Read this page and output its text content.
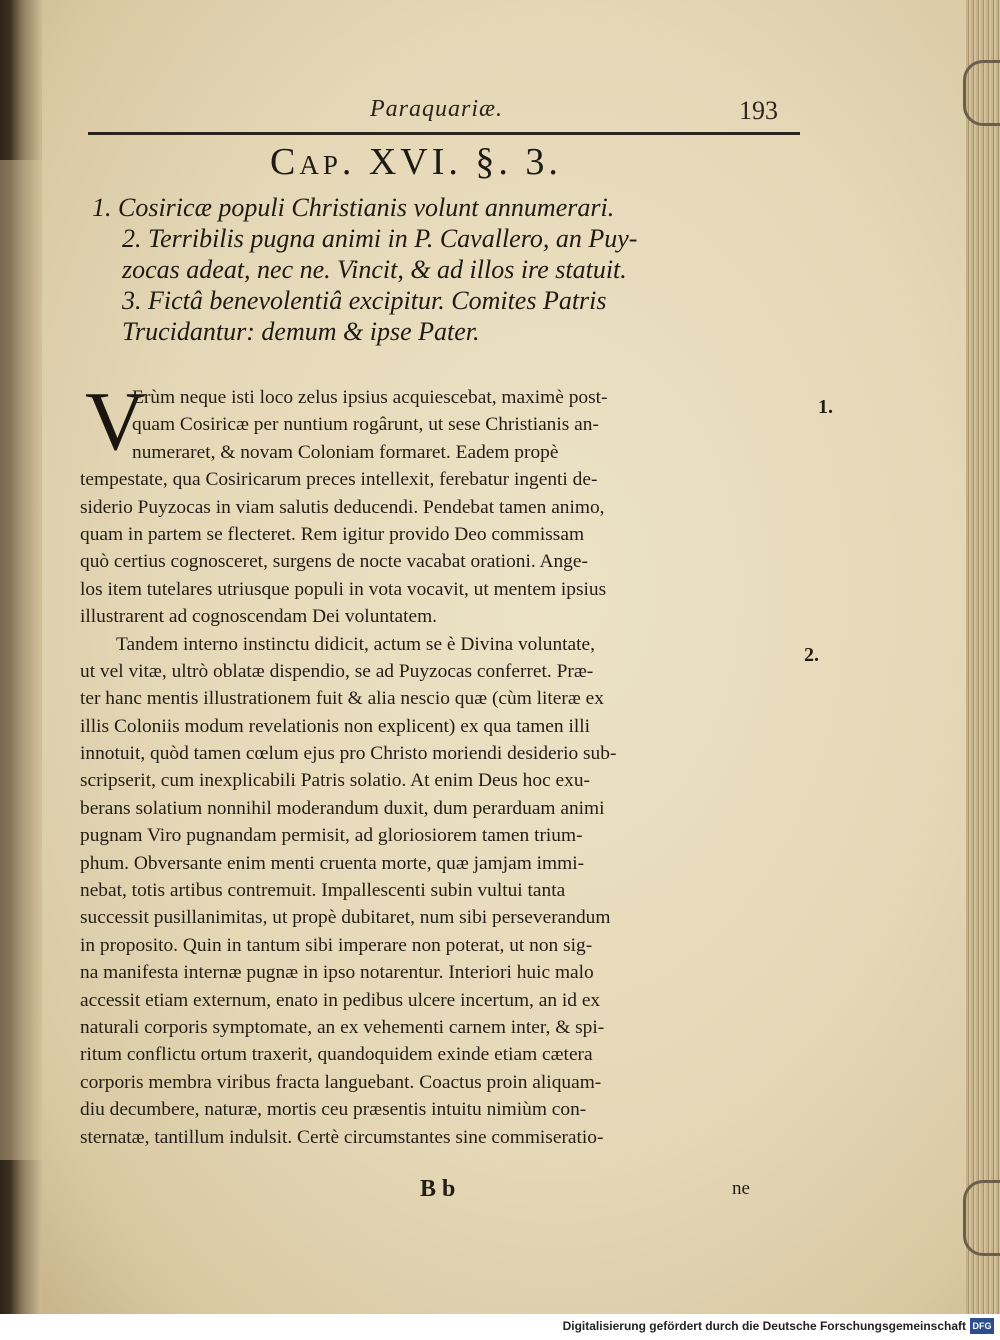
Paraquariæ.	193
Cap. XVI. §. 3.
1. Cosiricæ populi Christianis volunt annumerari.
2. Terribilis pugna animi in P. Cavallero, an Puy-
zocas adeat, nec ne. Vincit, & ad illos ire statuit.
3. Fictâ benevolentiâ excipitur. Comites Patris
Trucidantur: demum & ipse Pater.
V
Erùm neque isti loco zelus ipsius acquiescebat, maximè post-
quam Cosiricæ per nuntium rogârunt, ut sese Christianis an-
numeraret, & novam Coloniam formaret. Eadem propè
tempestate, qua Cosiricarum preces intellexit, ferebatur ingenti de-
siderio Puyzocas in viam salutis deducendi. Pendebat tamen animo,
quam in partem se flecteret. Rem igitur provido Deo commissam
quò certius cognosceret, surgens de nocte vacabat orationi. Ange-
los item tutelares utriusque populi in vota vocavit, ut mentem ipsius
illustrarent ad cognoscendam Dei voluntatem.
Tandem interno instinctu didicit, actum se è Divina voluntate,
ut vel vitæ, ultrò oblatæ dispendio, se ad Puyzocas conferret. Præ-
ter hanc mentis illustrationem fuit & alia nescio quæ (cùm literæ ex
illis Coloniis modum revelationis non explicent) ex qua tamen illi
innotuit, quòd tamen cœlum ejus pro Christo moriendi desiderio sub-
scripserit, cum inexplicabili Patris solatio. At enim Deus hoc exu-
berans solatium nonnihil moderandum duxit, dum perarduam animi
pugnam Viro pugnandam permisit, ad gloriosiorem tamen trium-
phum. Obversante enim menti cruenta morte, quæ jamjam immi-
nebat, totis artibus contremuit. Impallescenti subin vultui tanta
successit pusillanimitas, ut propè dubitaret, num sibi perseverandum
in proposito. Quin in tantum sibi imperare non poterat, ut non sig-
na manifesta internæ pugnæ in ipso notarentur. Interiori huic malo
accessit etiam externum, enato in pedibus ulcere incertum, an id ex
naturali corporis symptomate, an ex vehementi carnem inter, & spi-
ritum conflictu ortum traxerit, quandoquidem exinde etiam cætera
corporis membra viribus fracta languebant. Coactus proin aliquam-
diu decumbere, naturæ, mortis ceu præsentis intuitu nimiùm con-
sternatæ, tantillum indulsit. Certè circumstantes sine commiseratio-
1.
2.
B b	ne
Digitalisierung gefördert durch die Deutsche Forschungsgemeinschaft DFG
